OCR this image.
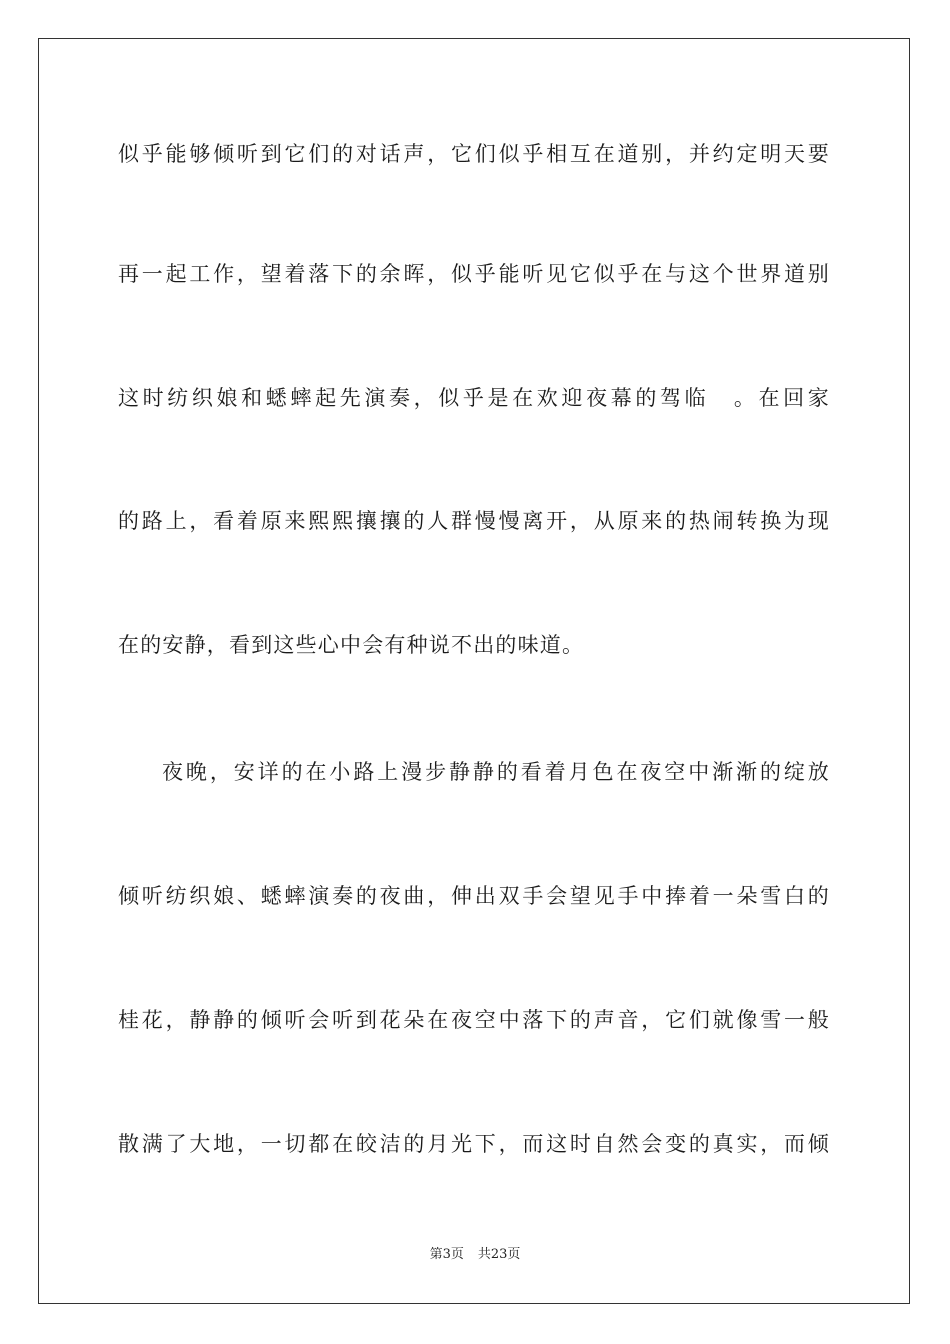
似乎能够倾听到它们的对话声，它们似乎相互在道别，并约定明天要
再一起工作，望着落下的余晖，似乎能听见它似乎在与这个世界道别
这时纺织娘和蟋蟀起先演奏，似乎是在欢迎夜幕的驾临　。在回家
的路上，看着原来熙熙攘攘的人群慢慢离开，从原来的热闹转换为现
在的安静，看到这些心中会有种说不出的味道。
夜晚，安详的在小路上漫步静静的看着月色在夜空中渐渐的绽放
倾听纺织娘、蟋蟀演奏的夜曲，伸出双手会望见手中捧着一朵雪白的
桂花，静静的倾听会听到花朵在夜空中落下的声音，它们就像雪一般
散满了大地，一切都在皎洁的月光下，而这时自然会变的真实，而倾
第3页 共23页
